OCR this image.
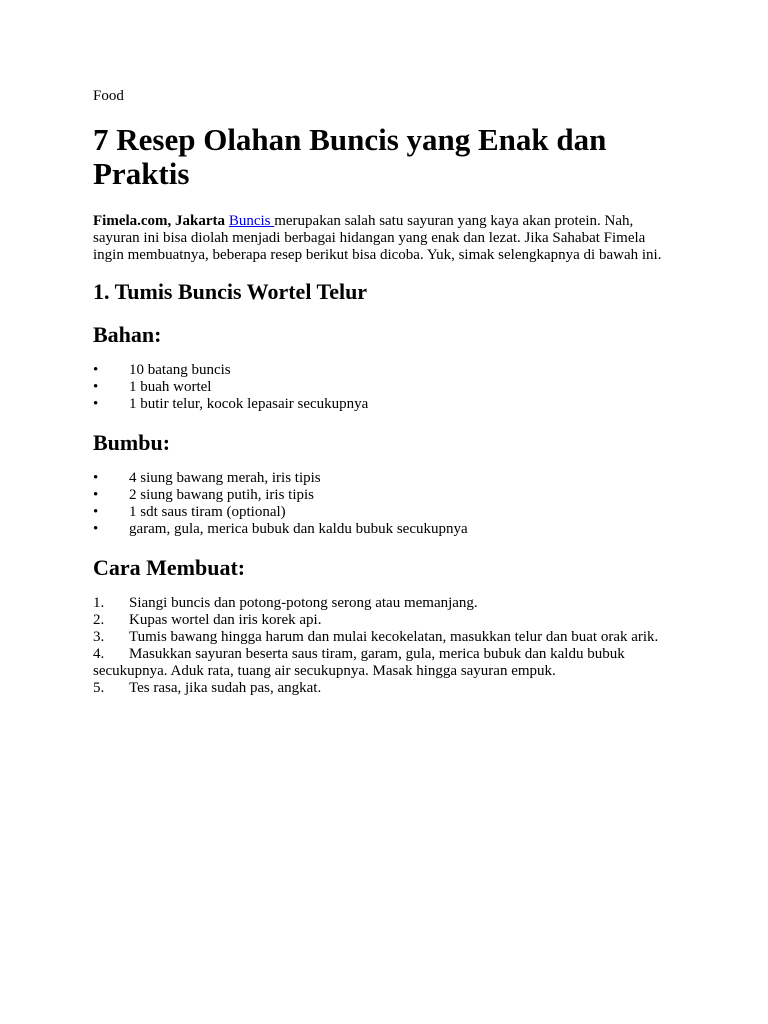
Food

7 Resep Olahan Buncis yang Enak dan Praktis

Fimela.com, Jakarta Buncis merupakan salah satu sayuran yang kaya akan protein. Nah, sayuran ini bisa diolah menjadi berbagai hidangan yang enak dan lezat. Jika Sahabat Fimela ingin membuatnya, beberapa resep berikut bisa dicoba. Yuk, simak selengkapnya di bawah ini.

1. Tumis Buncis Wortel Telur
Bahan:
•	10 batang buncis
•	1 buah wortel
•	1 butir telur, kocok lepasair secukupnya
Bumbu:
•	4 siung bawang merah, iris tipis
•	2 siung bawang putih, iris tipis
•	1 sdt saus tiram (optional)
•	garam, gula, merica bubuk dan kaldu bubuk secukupnya
Cara Membuat:
1. Siangi buncis dan potong-potong serong atau memanjang.
2. Kupas wortel dan iris korek api.
3. Tumis bawang hingga harum dan mulai kecokelatan, masukkan telur dan buat orak arik.
4. Masukkan sayuran beserta saus tiram, garam, gula, merica bubuk dan kaldu bubuk secukupnya. Aduk rata, tuang air secukupnya. Masak hingga sayuran empuk.
5. Tes rasa, jika sudah pas, angkat.
